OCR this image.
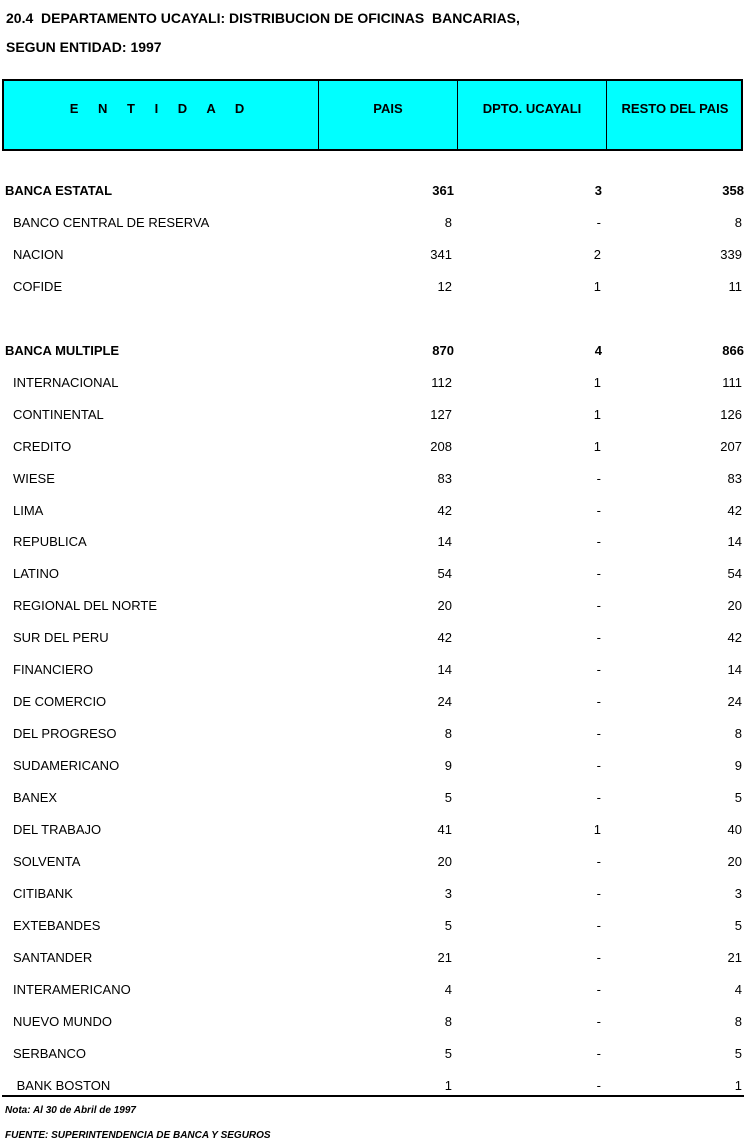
20.4  DEPARTAMENTO UCAYALI: DISTRIBUCION DE OFICINAS  BANCARIAS,
SEGUN ENTIDAD: 1997
E N T I D A D	PAIS	DPTO. UCAYALI	RESTO DEL PAIS
BANCA ESTATAL	361	3	358
BANCO CENTRAL DE RESERVA	8	-	8
NACION	341	2	339
COFIDE	12	1	11
BANCA MULTIPLE	870	4	866
INTERNACIONAL	112	1	111
CONTINENTAL	127	1	126
CREDITO	208	1	207
WIESE	83	-	83
LIMA	42	-	42
REPUBLICA	14	-	14
LATINO	54	-	54
REGIONAL DEL NORTE	20	-	20
SUR DEL PERU	42	-	42
FINANCIERO	14	-	14
DE COMERCIO	24	-	24
DEL PROGRESO	8	-	8
SUDAMERICANO	9	-	9
BANEX	5	-	5
DEL TRABAJO	41	1	40
SOLVENTA	20	-	20
CITIBANK	3	-	3
EXTEBANDES	5	-	5
SANTANDER	21	-	21
INTERAMERICANO	4	-	4
NUEVO MUNDO	8	-	8
SERBANCO	5	-	5
BANK BOSTON	1	-	1
Nota: Al 30 de Abril de 1997
FUENTE: SUPERINTENDENCIA DE BANCA Y SEGUROS
